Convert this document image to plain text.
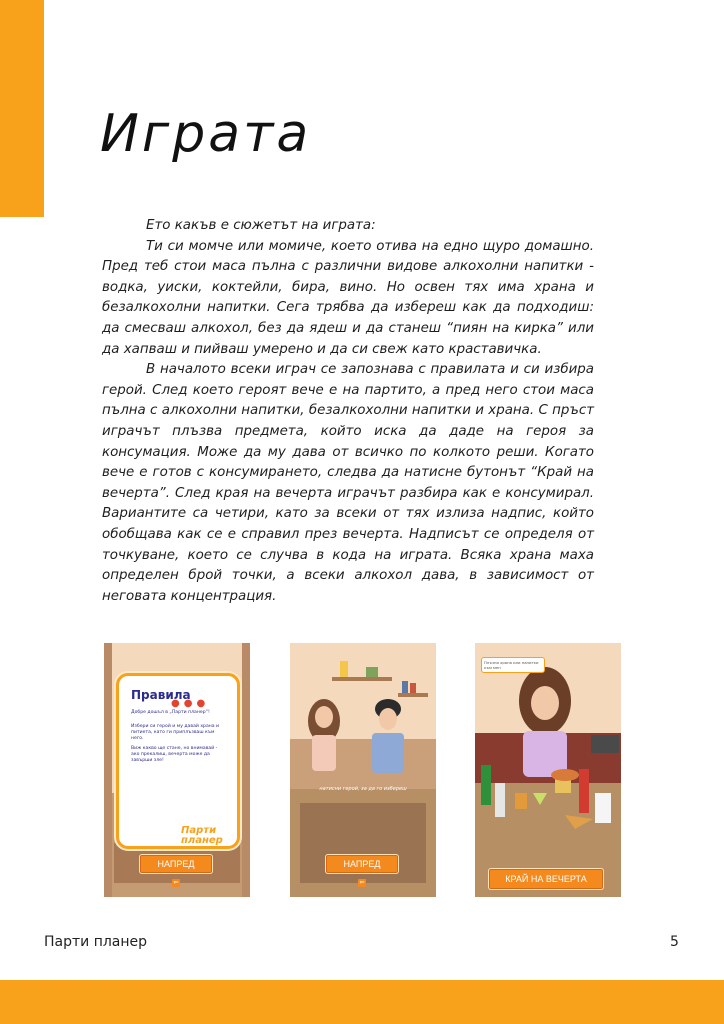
Играта

Ето какъв е сюжетът на играта:

Ти си момче или момиче, което отива на едно щуро домашно. Пред теб стои маса пълна с различни видове алкохолни напитки - водка, уиски, коктейли, бира, вино. Но освен тях има храна и безалкохолни напитки. Сега трябва да избереш как да подходиш: да смесваш алкохол, без да ядеш и да станеш “пиян на кирка” или да хапваш и пийваш умерено и да си свеж като краставичка.

В началото всеки играч се запознава с правилата и си избира герой. След което героят вече е на партито, а пред него стои маса пълна с алкохолни напитки, безалкохолни напитки и храна. С пръст играчът плъзва предмета, който иска да даде на героя за консумация. Може да му дава от всичко по колкото реши. Когато вече е готов с консумирането, следва да натисне бутонът “Край на вечерта”. След края на вечерта играчът разбира как е консумирал. Вариантите са четири, като за всеки от тях излиза надпис, който обобщава как се е справил през вечерта. Надписът се определя от точкуване, което се случва в кода на играта. Всяка храна маха определен брой точки, а всеки алкохол дава, в зависимост от неговата концентрация.

●●●
Правила
Добре дошъл в „Парти планер“!
Избери си герой и му давай храна и питиета, като ги приплъзваш към него.
Виж какво ще стане, но внимавай - ако прекалиш, вечерта може да завърши зле!
Парти
планер
НАПРЕД
⇐
натисни герой, за да го избереш
НАПРЕД
⇐
Плъзни храна или напитки към мен
КРАЙ НА ВЕЧЕРТА
Парти планер	5
